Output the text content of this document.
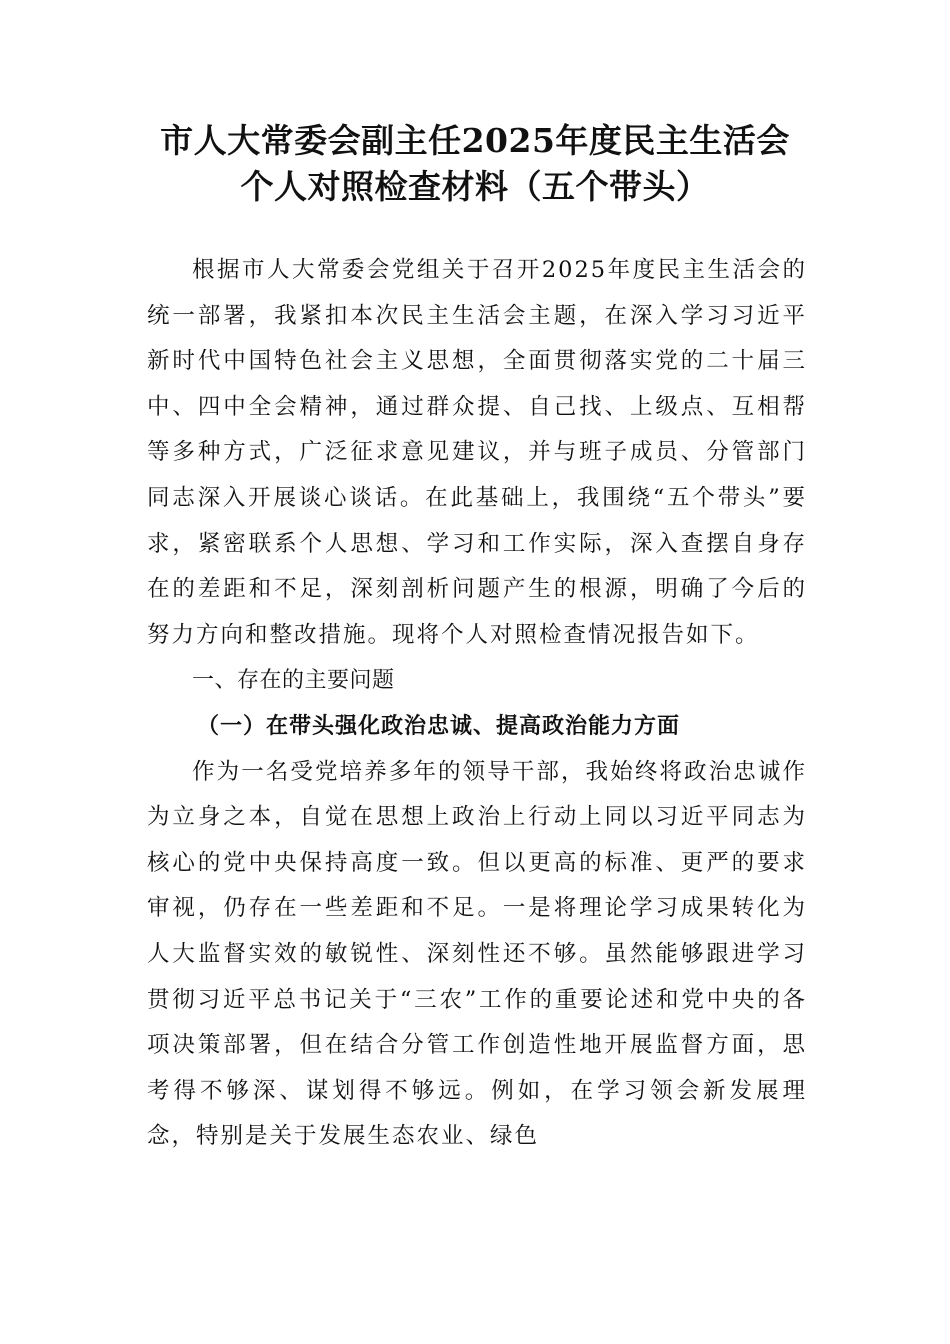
市人大常委会副主任2025年度民主生活会
个人对照检查材料（五个带头）

根据市人大常委会党组关于召开2025年度民主生活会的统一部署，我紧扣本次民主生活会主题，在深入学习习近平新时代中国特色社会主义思想，全面贯彻落实党的二十届三中、四中全会精神，通过群众提、自己找、上级点、互相帮等多种方式，广泛征求意见建议，并与班子成员、分管部门同志深入开展谈心谈话。在此基础上，我围绕“五个带头”要求，紧密联系个人思想、学习和工作实际，深入查摆自身存在的差距和不足，深刻剖析问题产生的根源，明确了今后的努力方向和整改措施。现将个人对照检查情况报告如下。

一、存在的主要问题

（一）在带头强化政治忠诚、提高政治能力方面

作为一名受党培养多年的领导干部，我始终将政治忠诚作为立身之本，自觉在思想上政治上行动上同以习近平同志为核心的党中央保持高度一致。但以更高的标准、更严的要求审视，仍存在一些差距和不足。一是将理论学习成果转化为人大监督实效的敏锐性、深刻性还不够。虽然能够跟进学习贯彻习近平总书记关于“三农”工作的重要论述和党中央的各项决策部署，但在结合分管工作创造性地开展监督方面，思考得不够深、谋划得不够远。例如，在学习领会新发展理念，特别是关于发展生态农业、绿色
